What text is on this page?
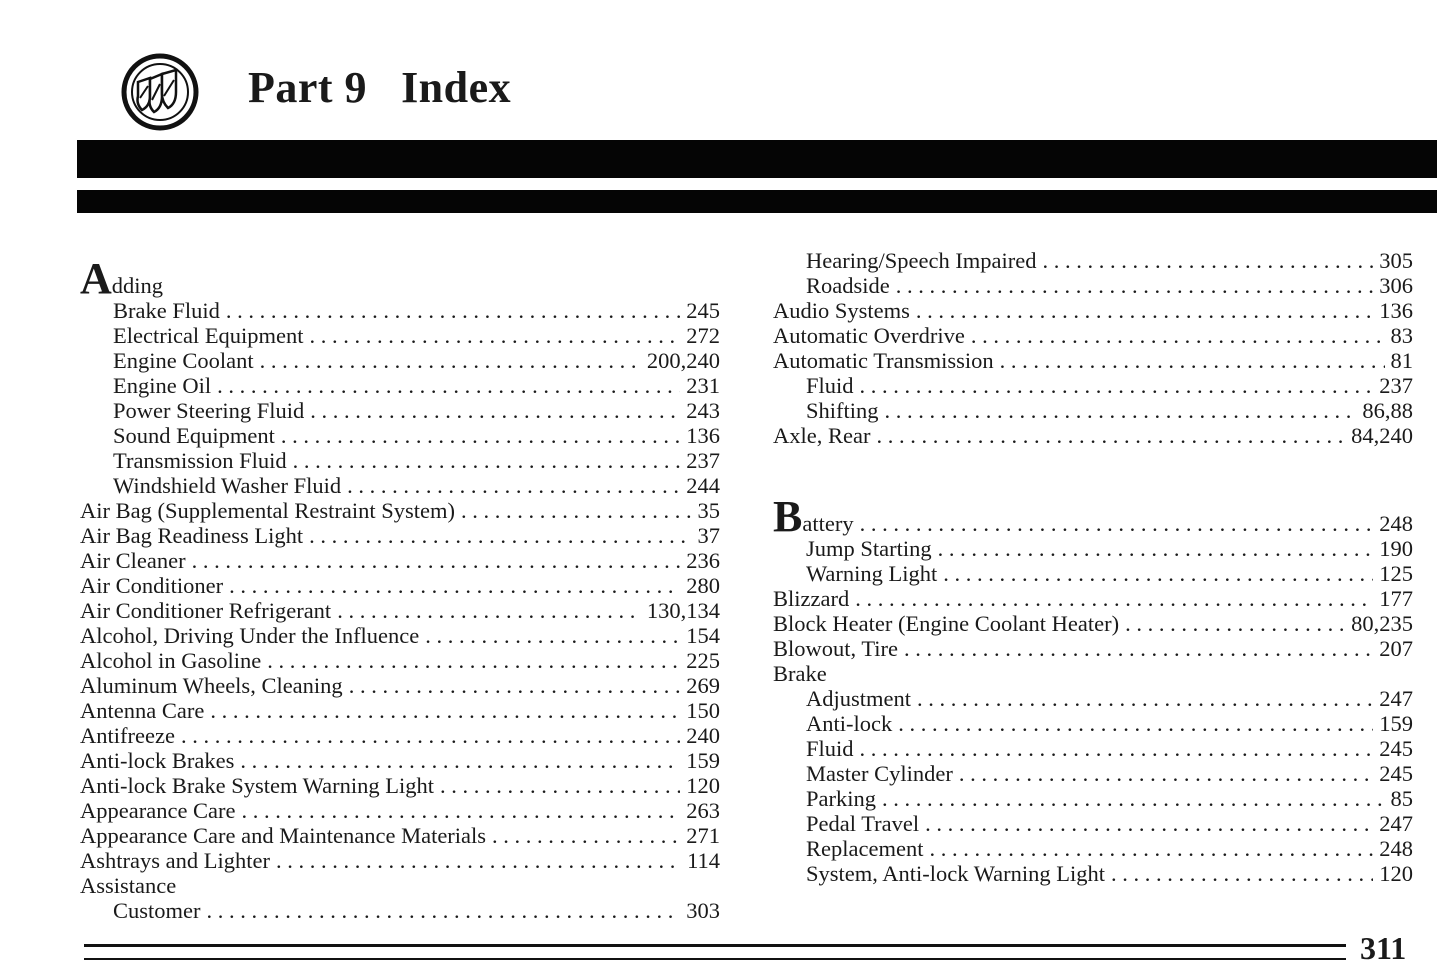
Part 9 Index
Adding
Brake Fluid . . .	245
Electrical Equipment . . .	272
Engine Coolant . . .	200,240
Engine Oil . . .	231
Power Steering Fluid . . .	243
Sound Equipment . . .	136
Transmission Fluid . . .	237
Windshield Washer Fluid . . .	244
Air Bag (Supplemental Restraint System) . . .	35
Air Bag Readiness Light . . .	37
Air Cleaner . . .	236
Air Conditioner . . .	280
Air Conditioner Refrigerant . . .	130,134
Alcohol, Driving Under the Influence . . .	154
Alcohol in Gasoline . . .	225
Aluminum Wheels, Cleaning . . .	269
Antenna Care . . .	150
Antifreeze . . .	240
Anti-lock Brakes . . .	159
Anti-lock Brake System Warning Light . . .	120
Appearance Care . . .	263
Appearance Care and Maintenance Materials . . .	271
Ashtrays and Lighter . . .	114
Assistance
Customer . . .	303
Hearing/Speech Impaired . . .	305
Roadside . . .	306
Audio Systems . . .	136
Automatic Overdrive . . .	83
Automatic Transmission . . .	81
Fluid . . .	237
Shifting . . .	86,88
Axle, Rear . . .	84,240
Battery . . .	248
Jump Starting . . .	190
Warning Light . . .	125
Blizzard . . .	177
Block Heater (Engine Coolant Heater) . . .	80,235
Blowout, Tire . . .	207
Brake
Adjustment . . .	247
Anti-lock . . .	159
Fluid . . .	245
Master Cylinder . . .	245
Parking . . .	85
Pedal Travel . . .	247
Replacement . . .	248
System, Anti-lock Warning Light . . .	120
311
